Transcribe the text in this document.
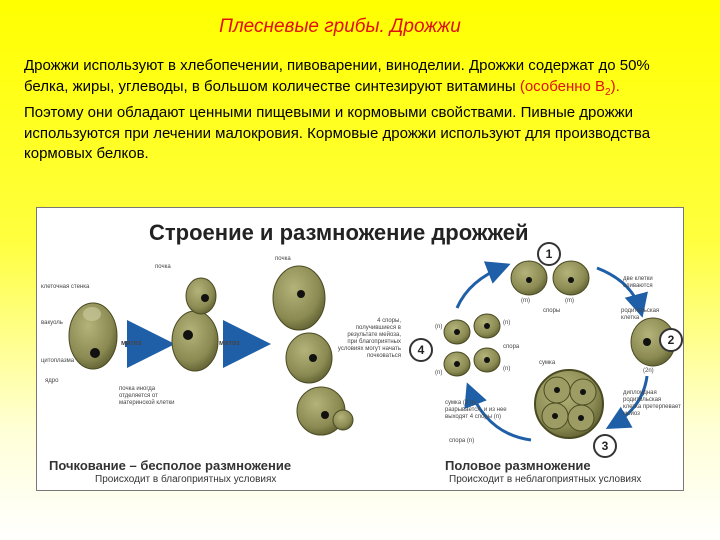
Плесневые грибы. Дрожжи
Дрожжи используют в хлебопечении, пивоварении, виноделии. Дрожжи содержат до 50% белка, жиры, углеводы, в большом количестве синтезируют витамины (особенно $B_2$). Поэтому они обладают ценными пищевыми и кормовыми свойствами. Пивные дрожжи используются при лечении малокровия. Кормовые дрожжи используют для производства кормовых белков.
Строение и размножение дрожжей
митоз	митоз
клеточная стенка
вакуоль
цитоплазма
ядро
почка
почка иногда отделяется от материнской клетки
почка
4 споры, получившиеся в результате мейоза, при благоприятных условиях могут начать почковаться
две клетки сливаются
родительская клетка
диплоидная родительская клетка претерпевает мейоз
сумка
сумка (2 n) разрывается, и из нее выходят 4 споры (n)
спора (n)
спора
споры
(m)	(m)
(n)
(n)
(n)
(n)	(2n)
1
2
3
4
Почкование – бесполое размножение
Происходит в благоприятных условиях
Половое размножение
Происходит в неблагоприятных условиях
